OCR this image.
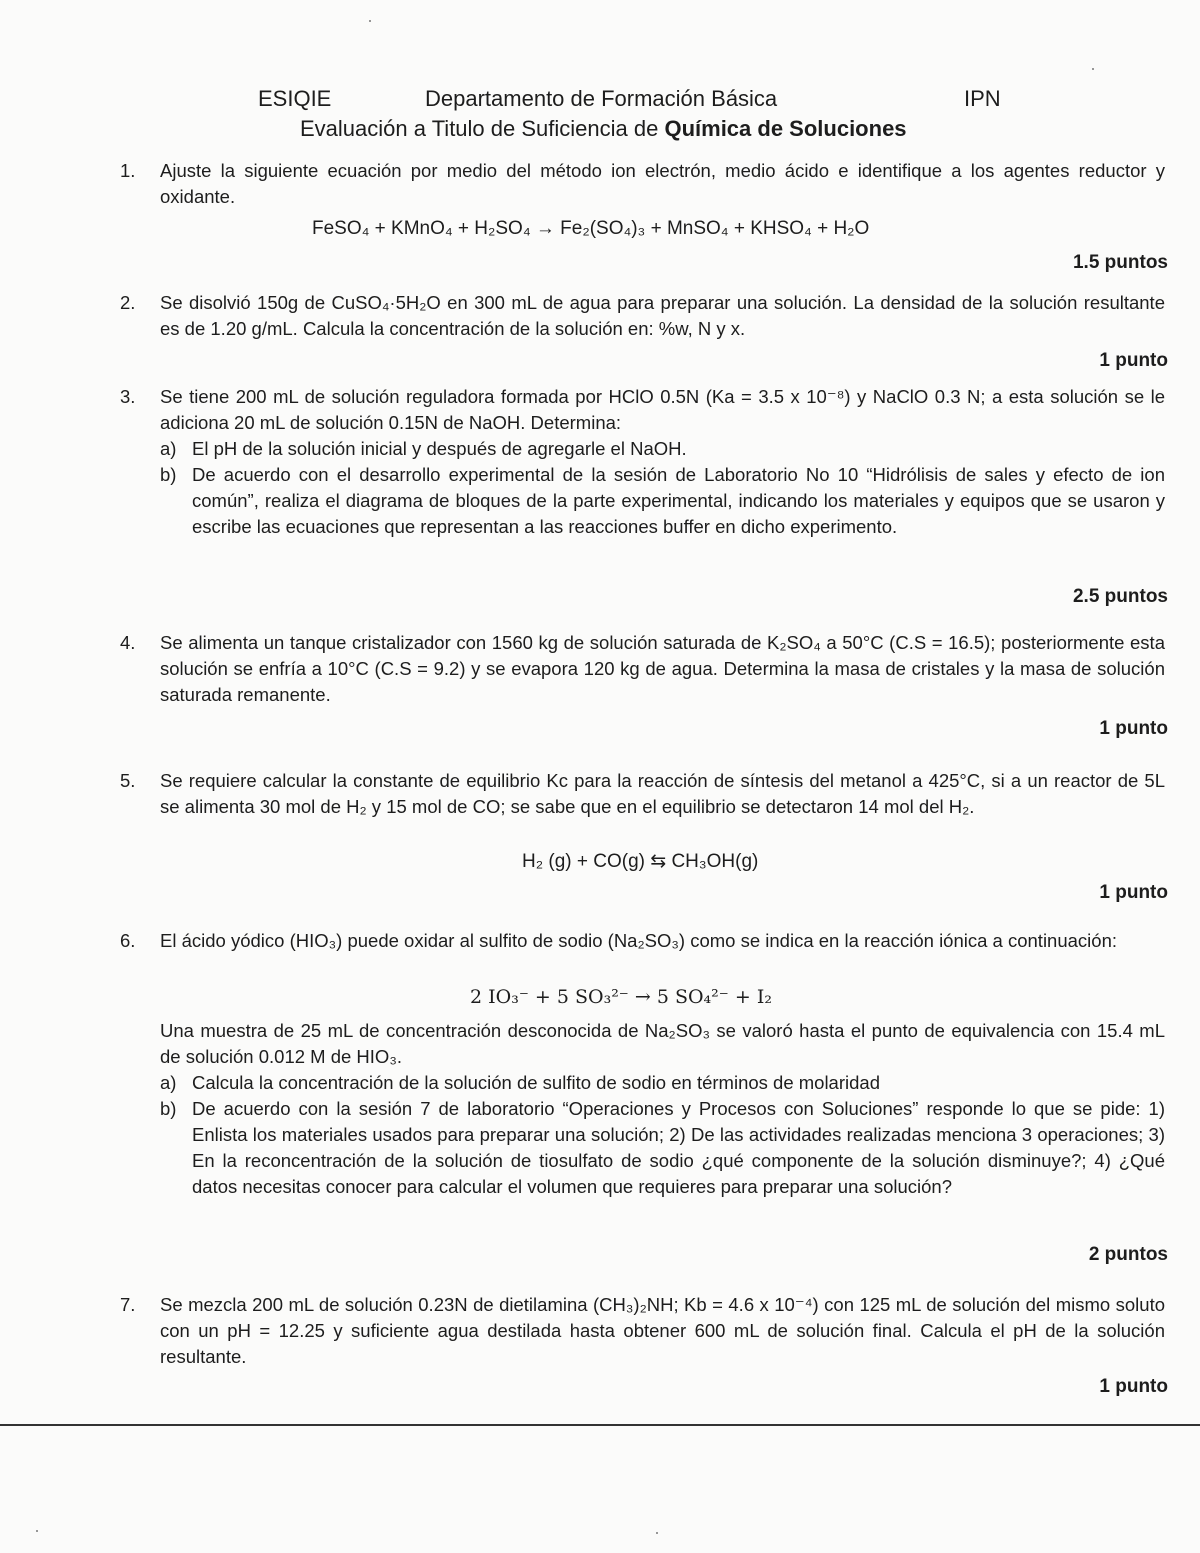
ESIQIE	Departamento de Formación Básica	IPN
Evaluación a Titulo de Suficiencia de Química de Soluciones
1. Ajuste la siguiente ecuación por medio del método ion electrón, medio ácido e identifique a los agentes reductor y oxidante.
FeSO₄ + KMnO₄ + H₂SO₄ → Fe₂(SO₄)₃ + MnSO₄ + KHSO₄ + H₂O
1.5 puntos
2. Se disolvió 150g de CuSO₄·5H₂O en 300 mL de agua para preparar una solución. La densidad de la solución resultante es de 1.20 g/mL. Calcula la concentración de la solución en: %w, N y x.
1 punto
3. Se tiene 200 mL de solución reguladora formada por HClO 0.5N (Ka = 3.5 x 10⁻⁸) y NaClO 0.3 N; a esta solución se le adiciona 20 mL de solución 0.15N de NaOH. Determina:
a) El pH de la solución inicial y después de agregarle el NaOH.
b) De acuerdo con el desarrollo experimental de la sesión de Laboratorio No 10 “Hidrólisis de sales y efecto de ion común”, realiza el diagrama de bloques de la parte experimental, indicando los materiales y equipos que se usaron y escribe las ecuaciones que representan a las reacciones buffer en dicho experimento.
2.5 puntos
4. Se alimenta un tanque cristalizador con 1560 kg de solución saturada de K₂SO₄ a 50°C (C.S = 16.5); posteriormente esta solución se enfría a 10°C (C.S = 9.2) y se evapora 120 kg de agua. Determina la masa de cristales y la masa de solución saturada remanente.
1 punto
5. Se requiere calcular la constante de equilibrio Kc para la reacción de síntesis del metanol a 425°C, si a un reactor de 5L se alimenta 30 mol de H₂ y 15 mol de CO; se sabe que en el equilibrio se detectaron 14 mol del H₂.
H₂ (g) + CO(g) ⇆ CH₃OH(g)
1 punto
6. El ácido yódico (HIO₃) puede oxidar al sulfito de sodio (Na₂SO₃) como se indica en la reacción iónica a continuación:
2 IO₃⁻ + 5 SO₃²⁻ → 5 SO₄²⁻ + I₂
Una muestra de 25 mL de concentración desconocida de Na₂SO₃ se valoró hasta el punto de equivalencia con 15.4 mL de solución 0.012 M de HIO₃.
a) Calcula la concentración de la solución de sulfito de sodio en términos de molaridad
b) De acuerdo con la sesión 7 de laboratorio “Operaciones y Procesos con Soluciones” responde lo que se pide: 1) Enlista los materiales usados para preparar una solución; 2) De las actividades realizadas menciona 3 operaciones; 3) En la reconcentración de la solución de tiosulfato de sodio ¿qué componente de la solución disminuye?; 4) ¿Qué datos necesitas conocer para calcular el volumen que requieres para preparar una solución?
2 puntos
7. Se mezcla 200 mL de solución 0.23N de dietilamina (CH₃)₂NH; Kb = 4.6 x 10⁻⁴) con 125 mL de solución del mismo soluto con un pH = 12.25 y suficiente agua destilada hasta obtener 600 mL de solución final. Calcula el pH de la solución resultante.
1 punto
